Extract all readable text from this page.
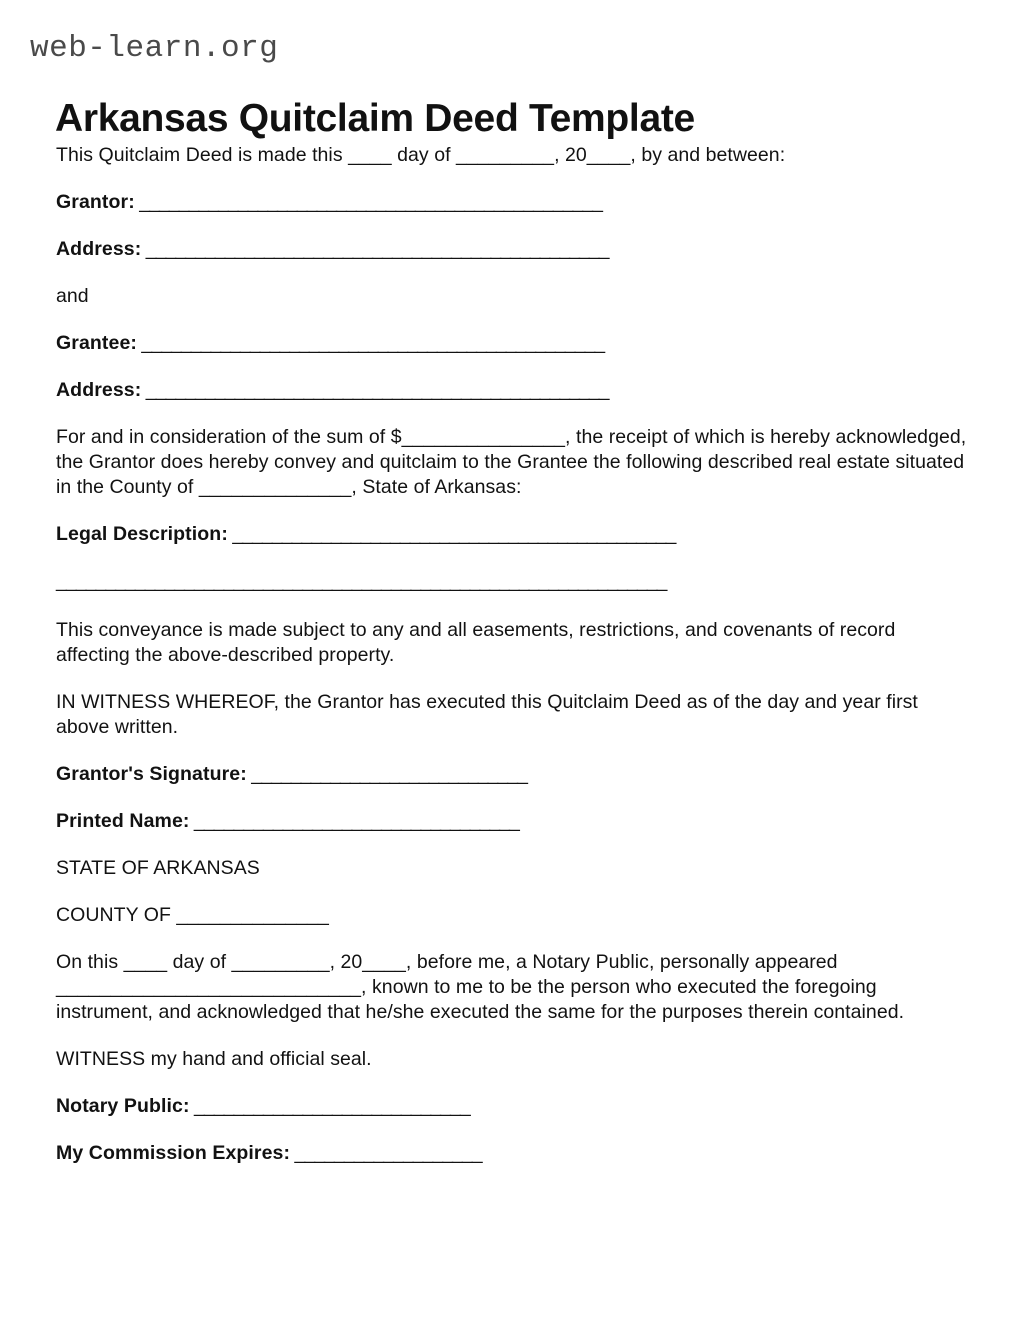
web-learn.org
Arkansas Quitclaim Deed Template

This Quitclaim Deed is made this ____ day of _________, 20____, by and between:

Grantor: _______________________________________________

Address: _______________________________________________

and

Grantee: _______________________________________________

Address: _______________________________________________

For and in consideration of the sum of $_______________, the receipt of which is hereby acknowledged, the Grantor does hereby convey and quitclaim to the Grantee the following described real estate situated in the County of ______________, State of Arkansas:

Legal Description: _____________________________________________

______________________________________________________________

This conveyance is made subject to any and all easements, restrictions, and covenants of record affecting the above-described property.

IN WITNESS WHEREOF, the Grantor has executed this Quitclaim Deed as of the day and year first above written.

Grantor's Signature: ____________________________

Printed Name: _________________________________

STATE OF ARKANSAS

COUNTY OF ______________

On this ____ day of _________, 20____, before me, a Notary Public, personally appeared ____________________________, known to me to be the person who executed the foregoing instrument, and acknowledged that he/she executed the same for the purposes therein contained.

WITNESS my hand and official seal.

Notary Public: ____________________________

My Commission Expires: ___________________
